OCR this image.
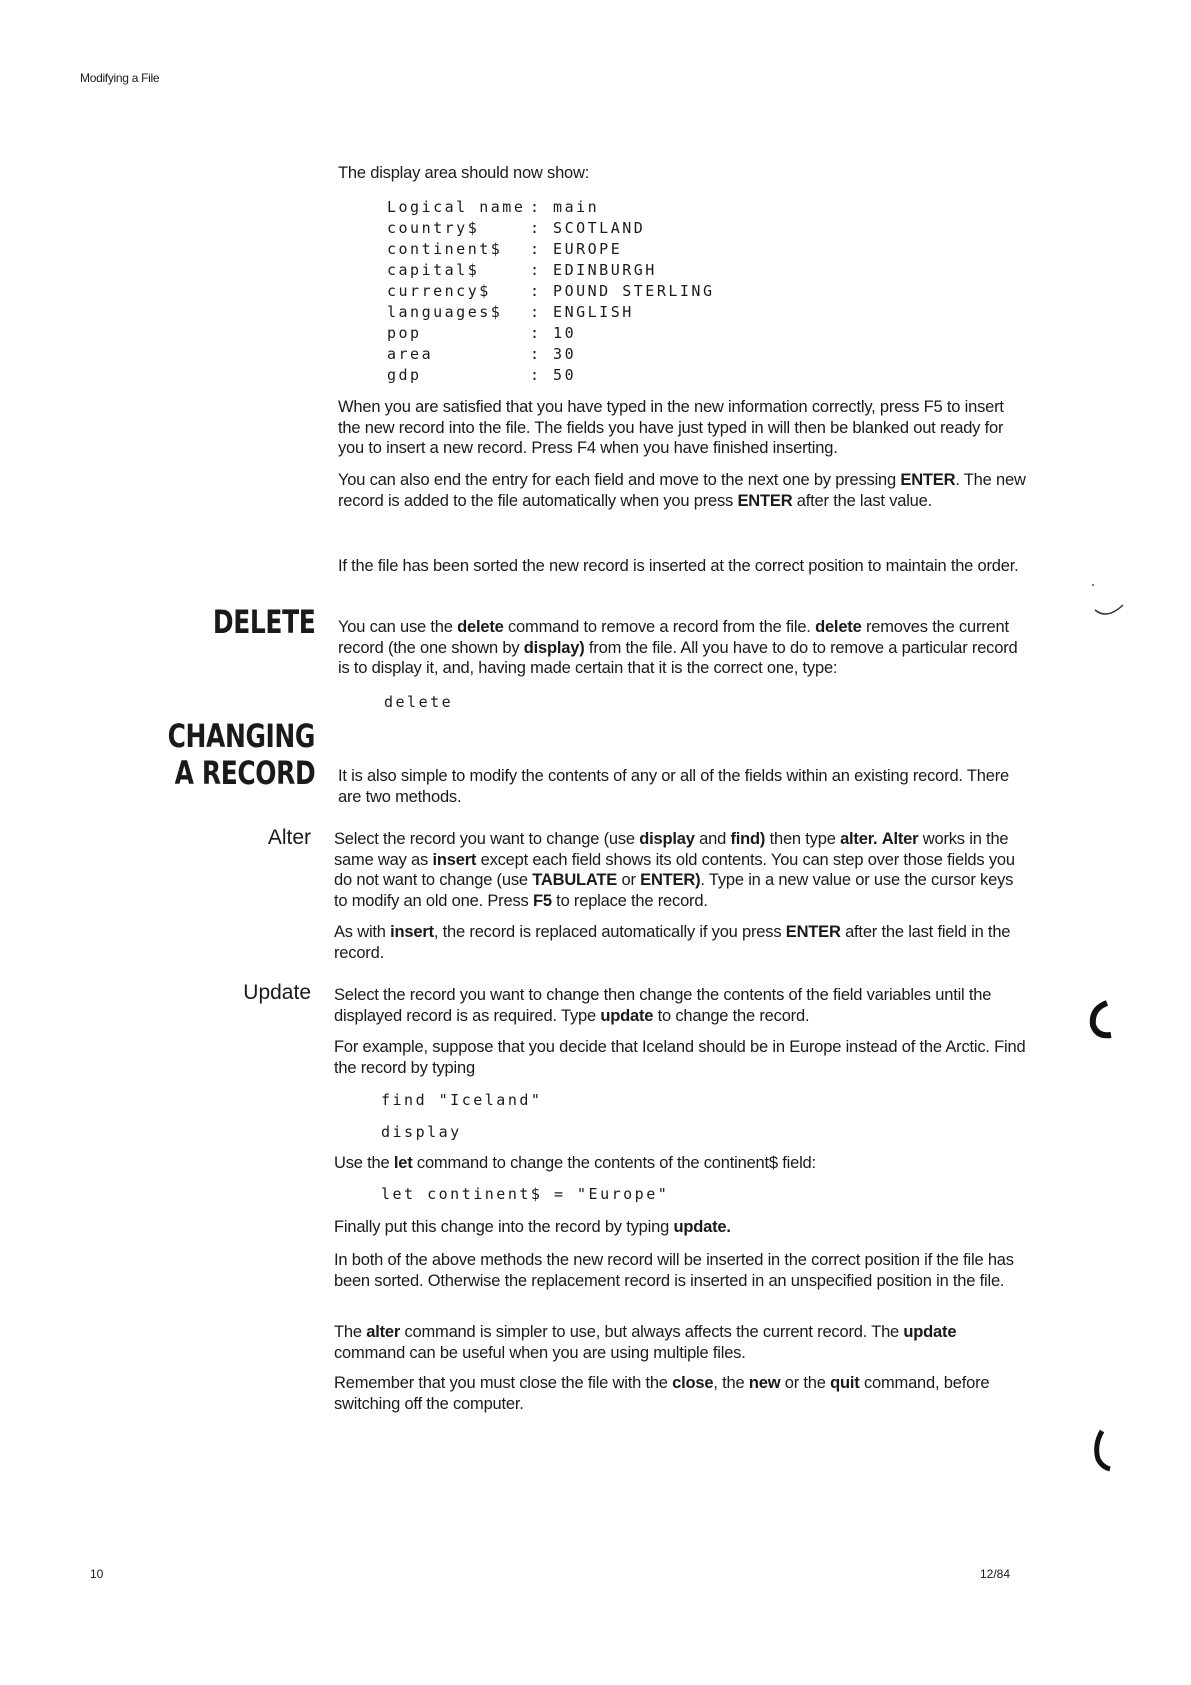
Modifying a File

The display area should now show:

Logical name : main
country$	: SCOTLAND
continent$ : EUROPE
capital$	: EDINBURGH
currency$	: POUND STERLING
languages$ : ENGLISH
pop	: 10
area	: 30
gdp	: 50

When you are satisfied that you have typed in the new information correctly, press F5 to insert the new record into the file. The fields you have just typed in will then be blanked out ready for you to insert a new record. Press F4 when you have finished inserting.

You can also end the entry for each field and move to the next one by pressing ENTER. The new record is added to the file automatically when you press ENTER after the last value.

If the file has been sorted the new record is inserted at the correct position to maintain the order.

DELETE You can use the delete command to remove a record from the file. delete removes the current record (the one shown by display) from the file. All you have to do to remove a particular record is to display it, and, having made certain that it is the correct one, type:

delete
CHANGING
A RECORD It is also simple to modify the contents of any or all of the fields within an existing record. There are two methods.

Alter Select the record you want to change (use display and find) then type alter. Alter works in the same way as insert except each field shows its old contents. You can step over those fields you do not want to change (use TABULATE or ENTER). Type in a new value or use the cursor keys to modify an old one. Press F5 to replace the record.

As with insert, the record is replaced automatically if you press ENTER after the last field in the record.

Update Select the record you want to change then change the contents of the field variables until the displayed record is as required. Type update to change the record.

For example, suppose that you decide that Iceland should be in Europe instead of the Arctic. Find the record by typing

find "Iceland"
display

Use the let command to change the contents of the continent$ field:

let continent$ = "Europe"

Finally put this change into the record by typing update.

In both of the above methods the new record will be inserted in the correct position if the file has been sorted. Otherwise the replacement record is inserted in an unspecified position in the file.

The alter command is simpler to use, but always affects the current record. The update command can be useful when you are using multiple files.

Remember that you must close the file with the close, the new or the quit command, before switching off the computer.

10	12/84
